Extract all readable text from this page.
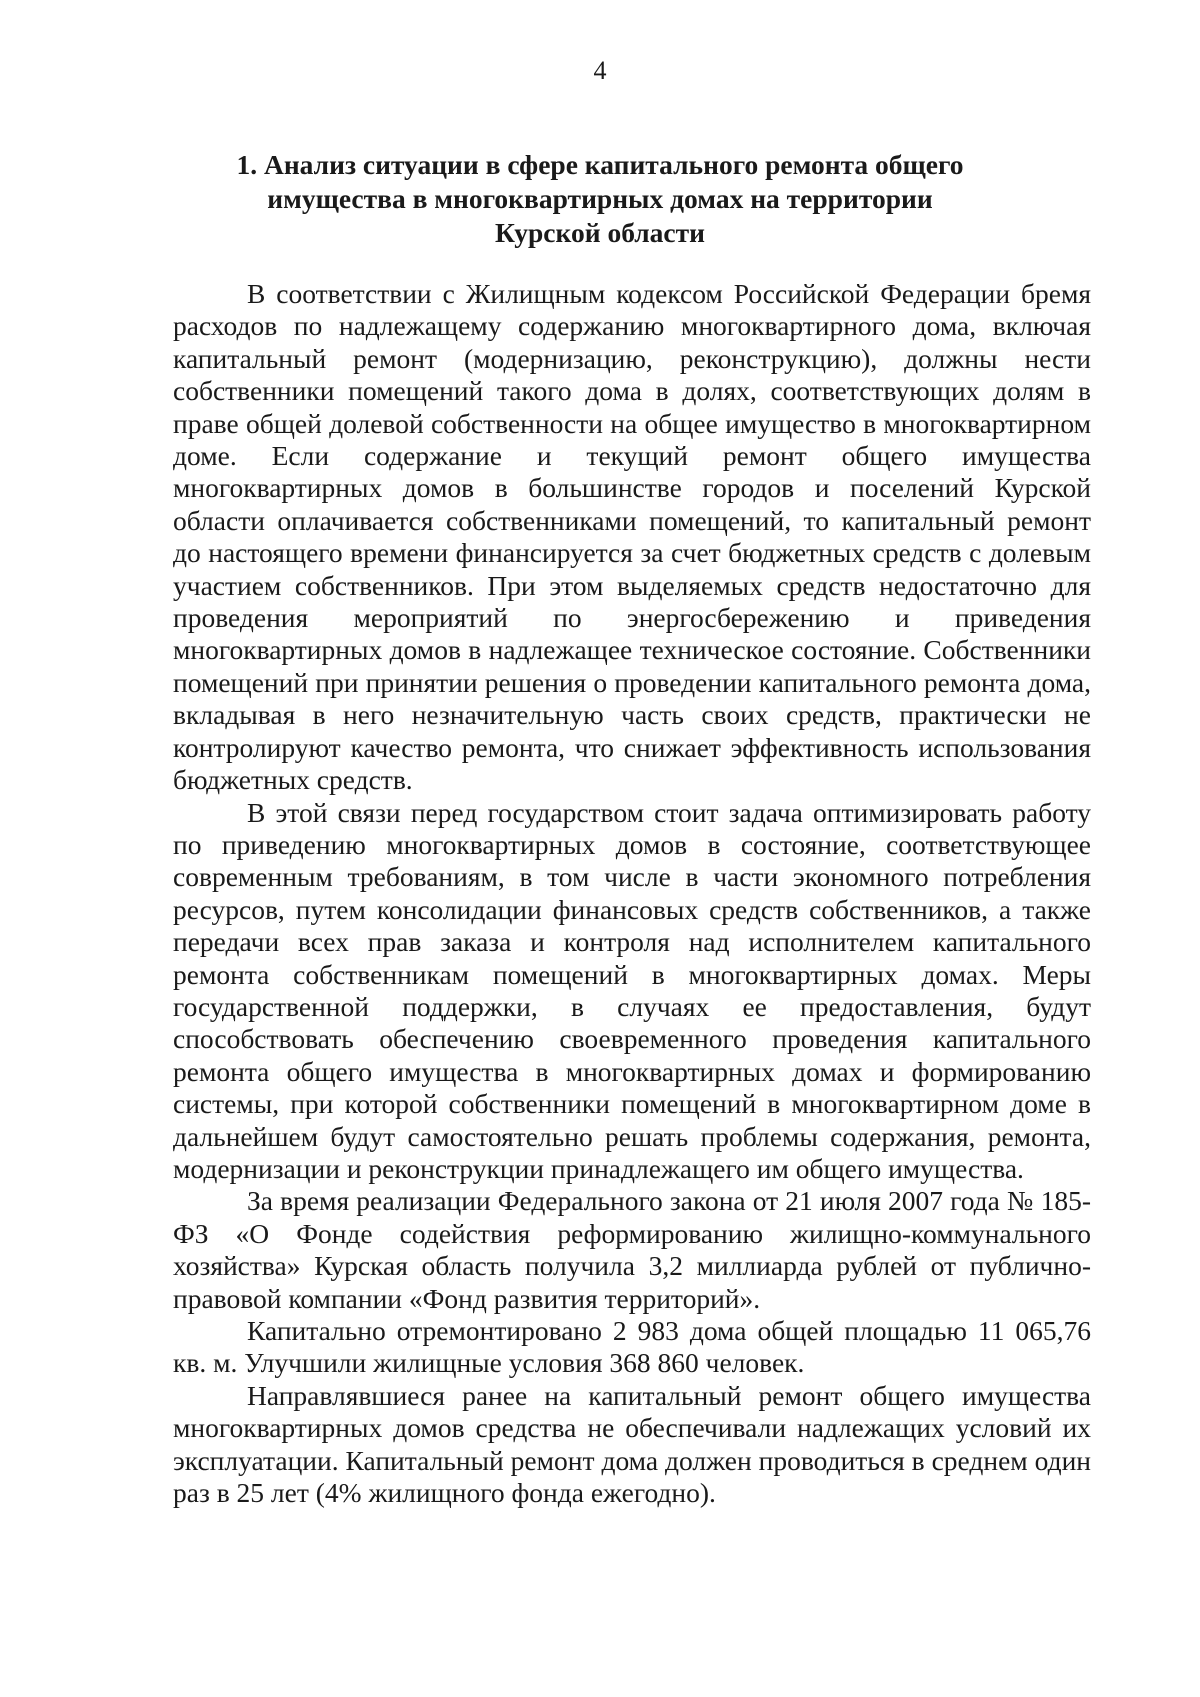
4
1. Анализ ситуации в сфере капитального ремонта общего
имущества в многоквартирных домах на территории
Курской области

В соответствии с Жилищным кодексом Российской Федерации бремя расходов по надлежащему содержанию многоквартирного дома, включая капитальный ремонт (модернизацию, реконструкцию), должны нести собственники помещений такого дома в долях, соответствующих долям в праве общей долевой собственности на общее имущество в многоквартирном доме. Если содержание и текущий ремонт общего имущества многоквартирных домов в большинстве городов и поселений Курской области оплачивается собственниками помещений, то капитальный ремонт до настоящего времени финансируется за счет бюджетных средств с долевым участием собственников. При этом выделяемых средств недостаточно для проведения мероприятий по энергосбережению и приведения многоквартирных домов в надлежащее техническое состояние. Собственники помещений при принятии решения о проведении капитального ремонта дома, вкладывая в него незначительную часть своих средств, практически не контролируют качество ремонта, что снижает эффективность использования бюджетных средств.

В этой связи перед государством стоит задача оптимизировать работу по приведению многоквартирных домов в состояние, соответствующее современным требованиям, в том числе в части экономного потребления ресурсов, путем консолидации финансовых средств собственников, а также передачи всех прав заказа и контроля над исполнителем капитального ремонта собственникам помещений в многоквартирных домах. Меры государственной поддержки, в случаях ее предоставления, будут способствовать обеспечению своевременного проведения капитального ремонта общего имущества в многоквартирных домах и формированию системы, при которой собственники помещений в многоквартирном доме в дальнейшем будут самостоятельно решать проблемы содержания, ремонта, модернизации и реконструкции принадлежащего им общего имущества.

За время реализации Федерального закона от 21 июля 2007 года № 185-ФЗ «О Фонде содействия реформированию жилищно-коммунального хозяйства» Курская область получила 3,2 миллиарда рублей от публично-правовой компании «Фонд развития территорий».

Капитально отремонтировано 2 983 дома общей площадью 11 065,76 кв. м. Улучшили жилищные условия 368 860 человек.

Направлявшиеся ранее на капитальный ремонт общего имущества многоквартирных домов средства не обеспечивали надлежащих условий их эксплуатации. Капитальный ремонт дома должен проводиться в среднем один раз в 25 лет (4% жилищного фонда ежегодно).
